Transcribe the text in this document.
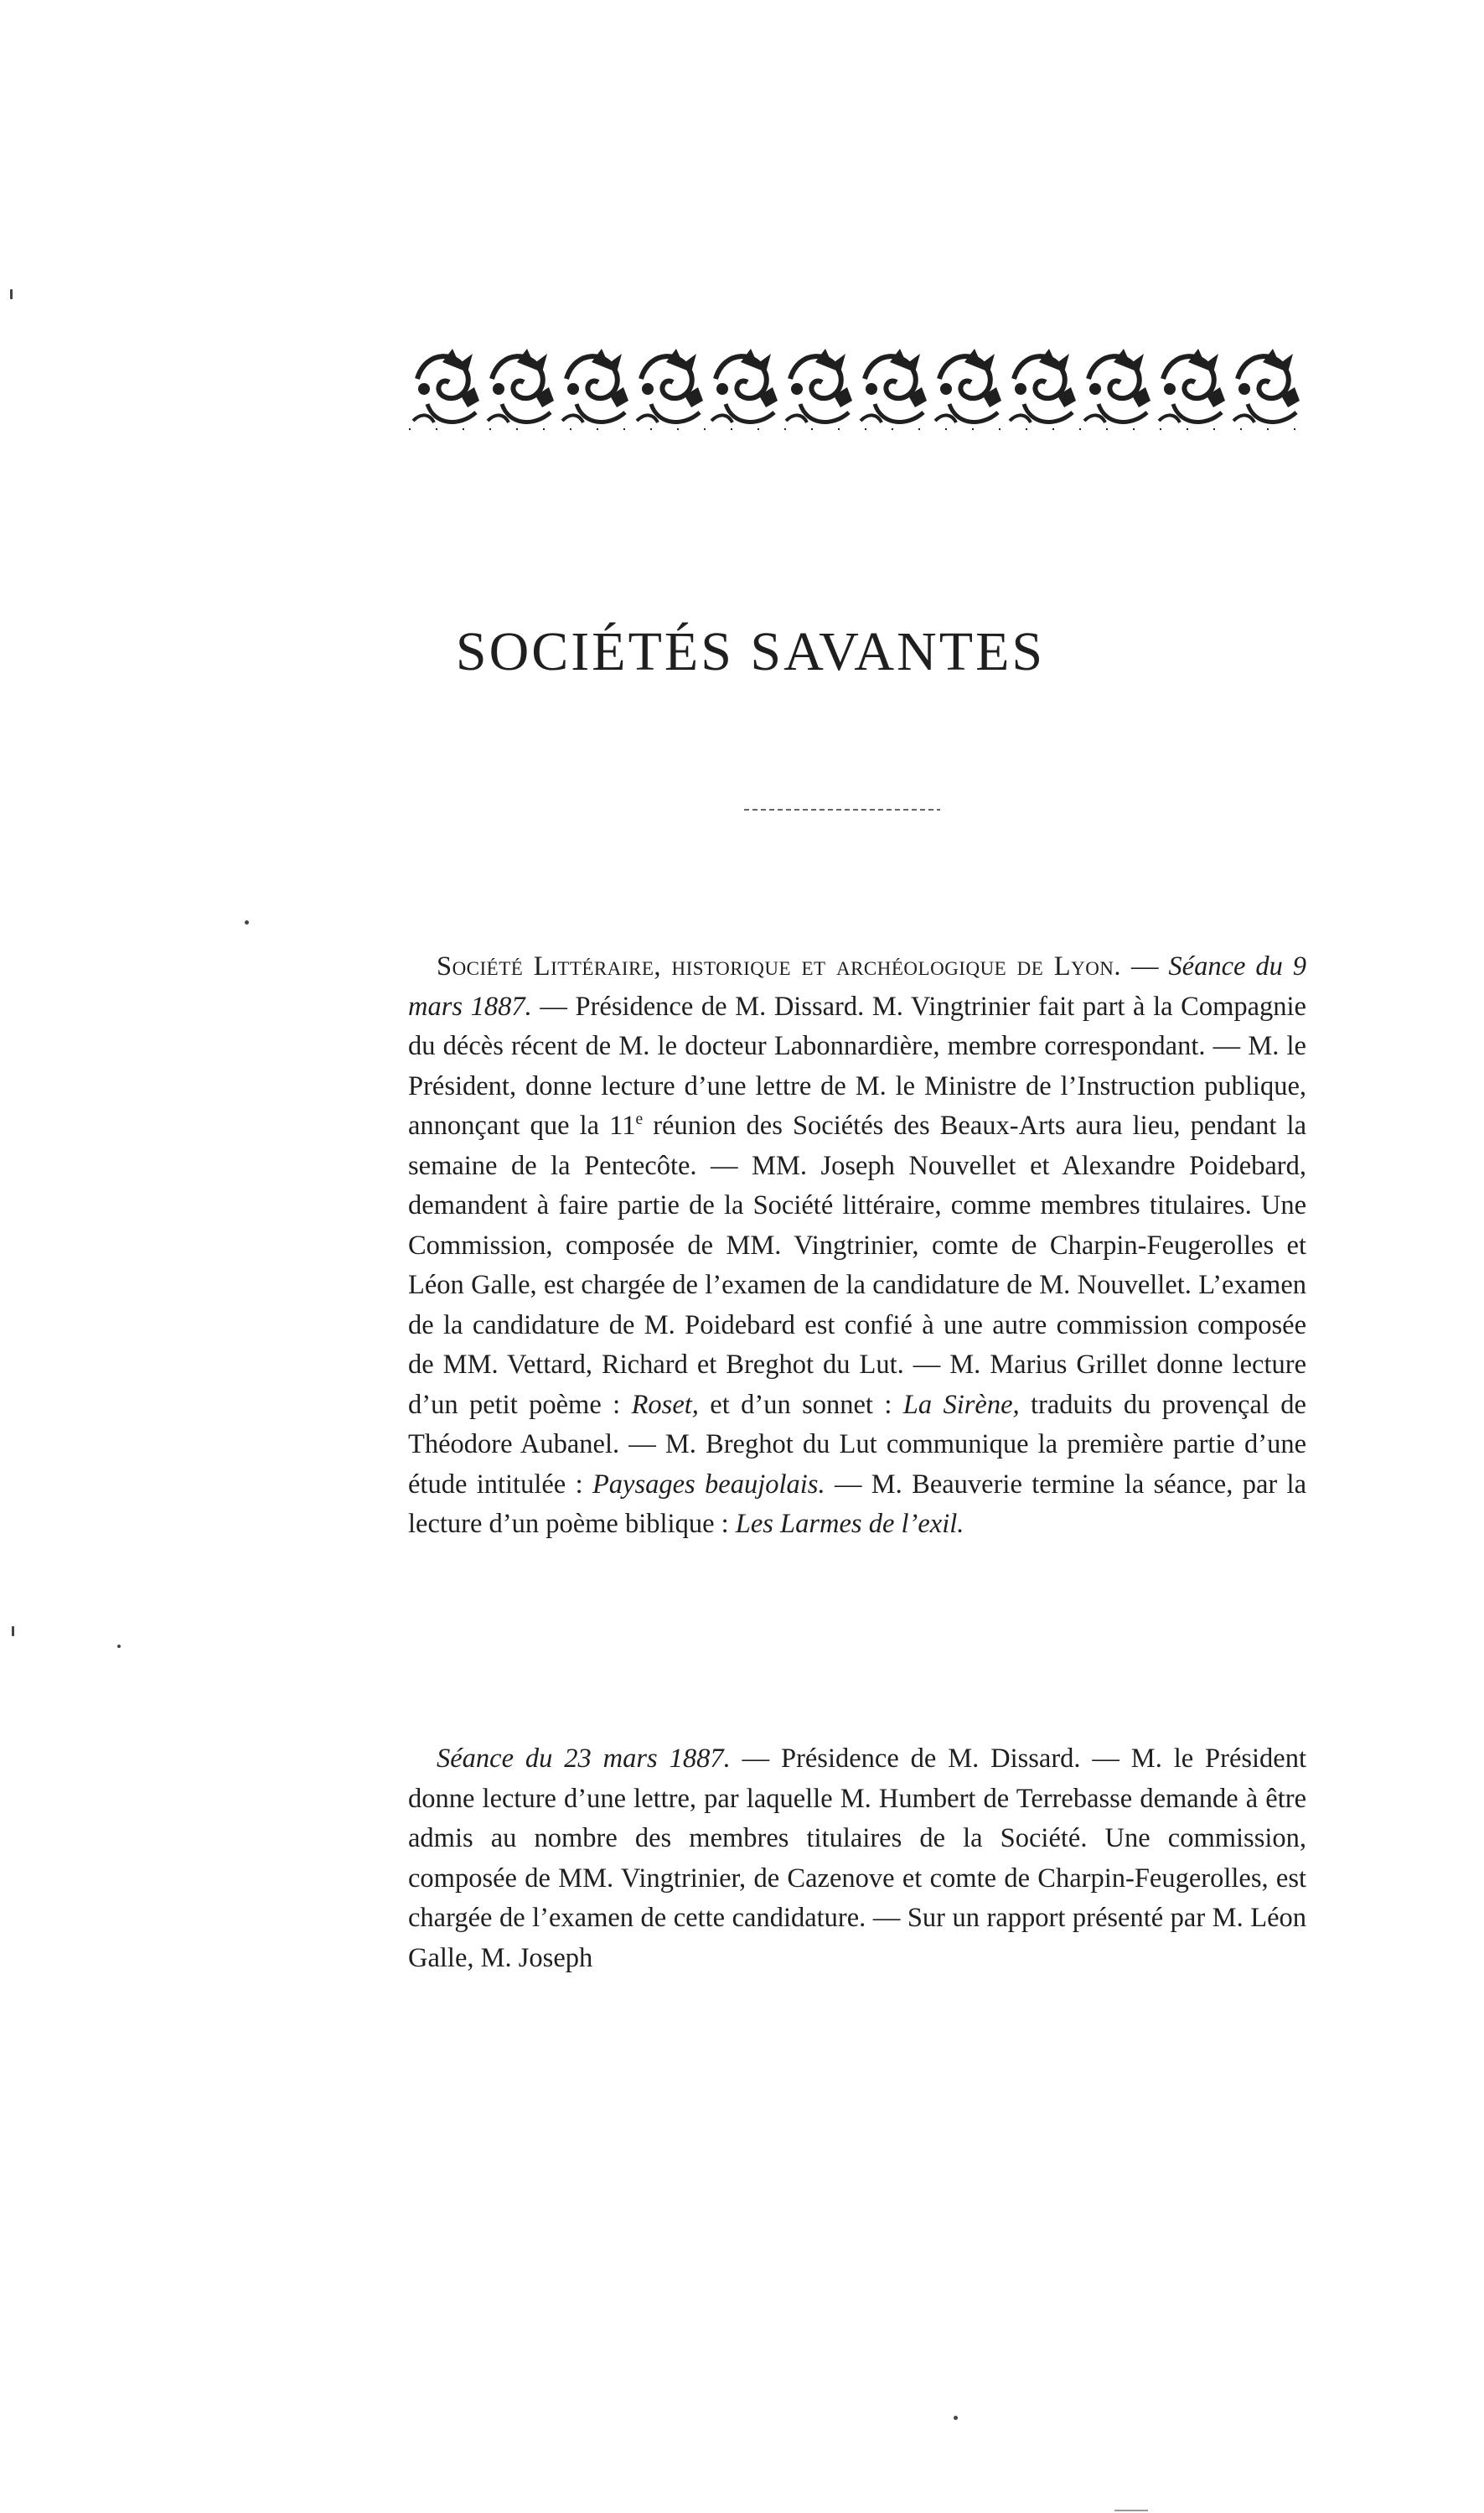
SOCIÉTÉS SAVANTES

Société Littéraire, historique et archéologique de Lyon. — Séance du 9 mars 1887. — Présidence de M. Dissard. M. Vingtrinier fait part à la Compagnie du décès récent de M. le docteur Labonnardière, membre correspondant. — M. le Président, donne lecture d’une lettre de M. le Ministre de l’Instruction publique, annonçant que la 11e réunion des Sociétés des Beaux-Arts aura lieu, pendant la semaine de la Pentecôte. — MM. Joseph Nouvellet et Alexandre Poidebard, demandent à faire partie de la Société littéraire, comme membres titulaires. Une Commission, composée de MM. Vingtrinier, comte de Charpin-Feugerolles et Léon Galle, est chargée de l’examen de la candidature de M. Nouvellet. L’examen de la candidature de M. Poidebard est confié à une autre commission composée de MM. Vettard, Richard et Breghot du Lut. — M. Marius Grillet donne lecture d’un petit poème : Roset, et d’un sonnet : La Sirène, traduits du provençal de Théodore Aubanel. — M. Breghot du Lut communique la première partie d’une étude intitulée : Paysages beaujolais. — M. Beauverie termine la séance, par la lecture d’un poème biblique : Les Larmes de l’exil.

Séance du 23 mars 1887. — Présidence de M. Dissard. — M. le Président donne lecture d’une lettre, par laquelle M. Humbert de Terrebasse demande à être admis au nombre des membres titulaires de la Société. Une commission, composée de MM. Vingtrinier, de Cazenove et comte de Charpin-Feugerolles, est chargée de l’examen de cette candidature. — Sur un rapport présenté par M. Léon Galle, M. Joseph
